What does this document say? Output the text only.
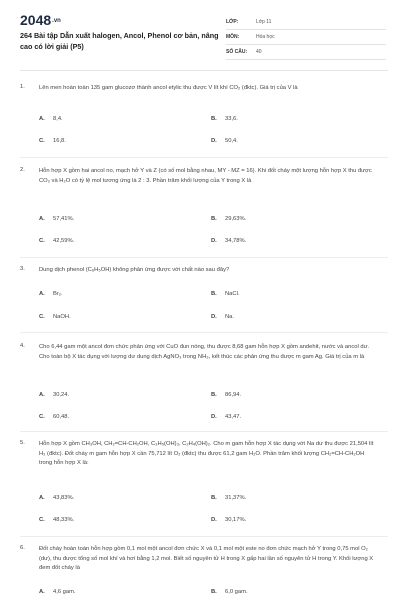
2048.vn
264 Bài tập Dẫn xuất halogen, Ancol, Phenol cơ bản, nâng cao có lời giải (P5)
LỚP:	Lớp 11
MÔN:	Hóa học
SỐ CÂU:	40
1. Lên men hoàn toàn 135 gam glucozơ thành ancol etylic thu được V lít khí CO₂ (đktc). Giá trị của V là
A. 8,4.	B. 33,6.
C. 16,8.	D. 50,4.
2. Hỗn hợp X gồm hai ancol no, mạch hở Y và Z (có số mol bằng nhau, MY - MZ = 16). Khi đốt cháy một lượng hỗn hợp X thu được CO₂ và H₂O có tỷ lệ mol tương ứng là 2 : 3. Phần trăm khối lượng của Y trong X là
A. 57,41%.	B. 29,63%.
C. 42,59%.	D. 34,78%.
3. Dung dịch phenol (C₆H₅OH) không phản ứng được với chất nào sau đây?
A. Br₂.	B. NaCl.
C. NaOH.	D. Na.
4. Cho 6,44 gam một ancol đơn chức phản ứng với CuO đun nóng, thu được 8,68 gam hỗn hợp X gồm andehit, nước và ancol dư. Cho toàn bộ X tác dụng với lượng dư dung dịch AgNO₃ trong NH₃, kết thúc các phản ứng thu được m gam Ag. Giá trị của m là
A. 30,24.	B. 86,94.
C. 60,48.	D. 43,47.
5. Hỗn hợp X gồm CH₃OH, CH₂=CH-CH₂OH, C₃H₅(OH)₃, C₂H₄(OH)₂. Cho m gam hỗn hợp X tác dụng với Na dư thu được 21,504 lít H₂ (đktc). Đốt cháy m gam hỗn hợp X cần 75,712 lít O₂ (đktc) thu được 61,2 gam H₂O. Phần trăm khối lượng CH₂=CH-CH₂OH trong hỗn hợp X là:
A. 43,83%.	B. 31,37%.
C. 48,33%.	D. 30,17%.
6. Đốt cháy hoàn toàn hỗn hợp gồm 0,1 mol một ancol đơn chức X và 0,1 mol một este no đơn chức mạch hở Y trong 0,75 mol O₂ (dư), thu được tổng số mol khí và hơi bằng 1,2 mol. Biết số nguyên tử H trong X gấp hai lần số nguyên tử H trong Y. Khối lượng X đem đốt cháy là
A. 4,6 gam.	B. 6,0 gam.
